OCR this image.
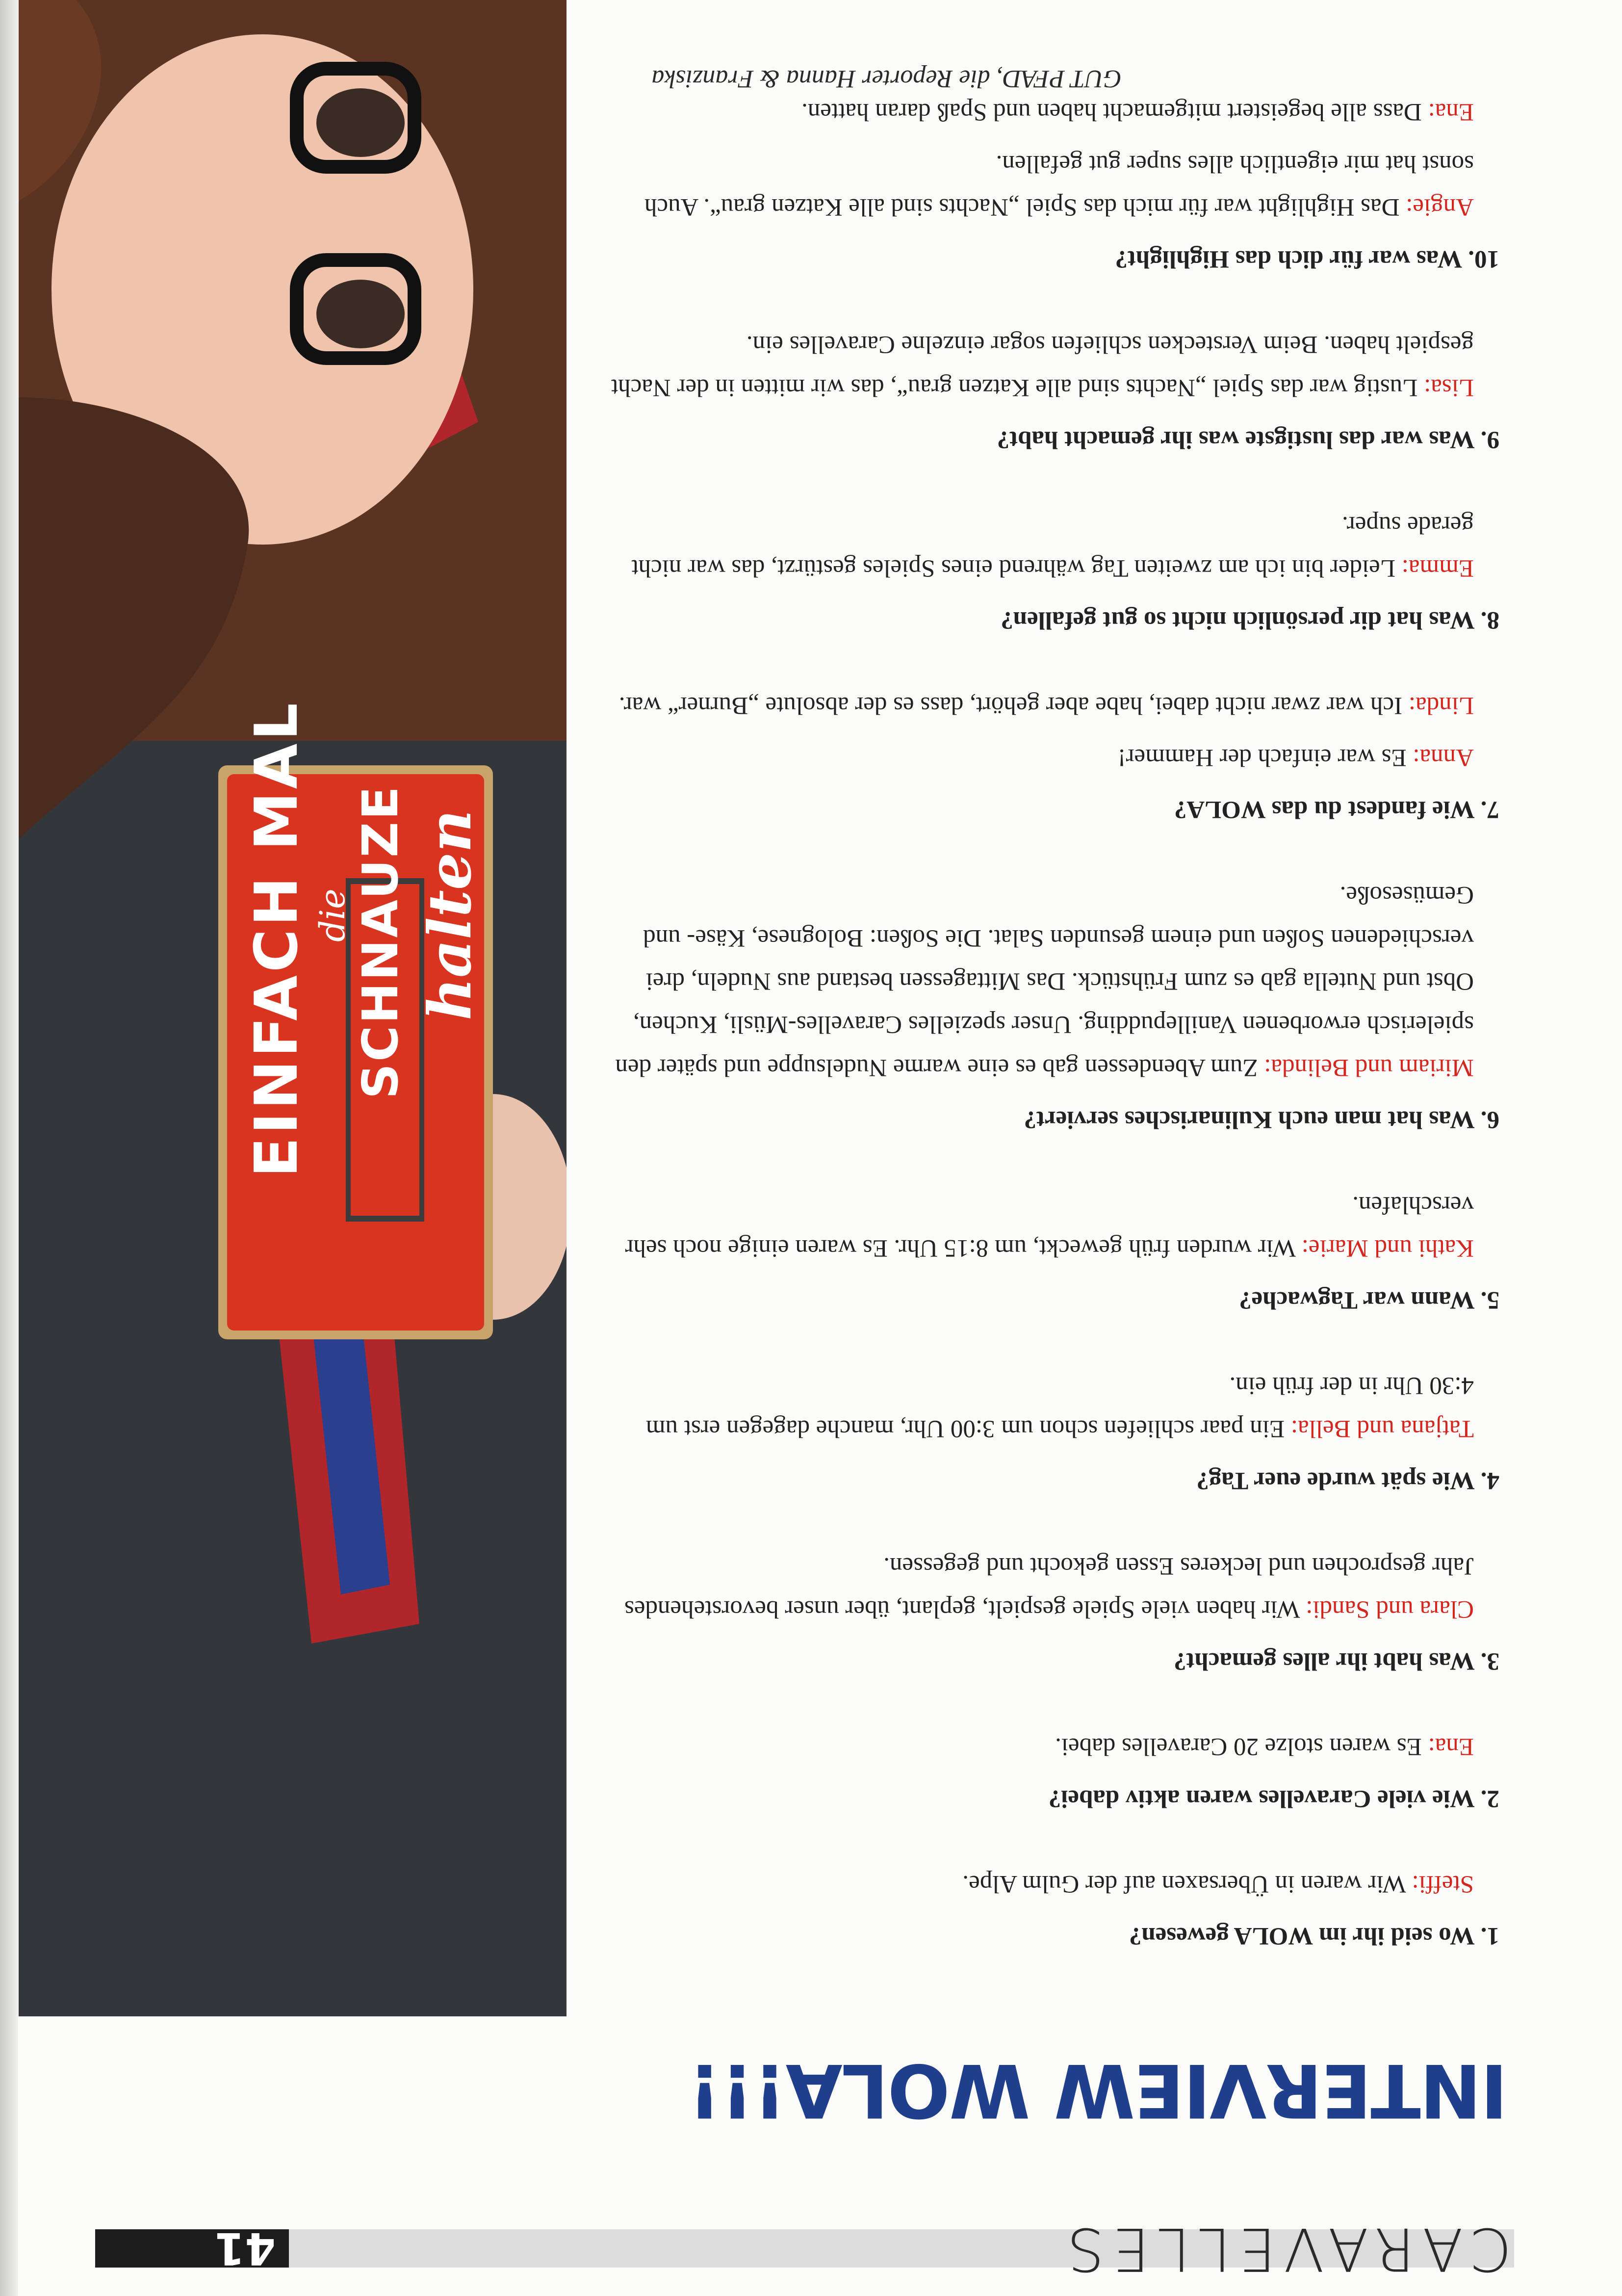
CARAVELLES
41
INTERVIEW WOLA!!!

1. Wo seid ihr im WOLA gewesen?

Steffi: Wir waren in Übersaxen auf der Gulm Alpe.

2. Wie viele Caravelles waren aktiv dabei?

Ena: Es waren stolze 20 Caravelles dabei.

3. Was habt ihr alles gemacht?

Clara und Sandi: Wir haben viele Spiele gespielt, geplant, über unser bevorstehendes Jahr gesprochen und leckeres Essen gekocht und gegessen.

4. Wie spät wurde euer Tag?

Tatjana und Bella: Ein paar schliefen schon um 3:00 Uhr, manche dagegen erst um 4:30 Uhr in der früh ein.

5. Wann war Tagwache?

Kathi und Marie: Wir wurden früh geweckt, um 8:15 Uhr. Es waren einige noch sehr verschlafen.

6. Was hat man euch Kulinarisches serviert?

Miriam und Belinda: Zum Abendessen gab es eine warme Nudelsuppe und später den spielerisch erworbenen Vanillepudding. Unser spezielles Caravelles-Müsli, Kuchen, Obst und Nutella gab es zum Frühstück. Das Mittagessen bestand aus Nudeln, drei verschiedenen Soßen und einem gesunden Salat. Die Soßen: Bolognese, Käse- und Gemüsesoße.

7. Wie fandest du das WOLA?

Anna: Es war einfach der Hammer!

Linda: Ich war zwar nicht dabei, habe aber gehört, dass es der absolute „Burner“ war.

8. Was hat dir persönlich nicht so gut gefallen?

Emma: Leider bin ich am zweiten Tag während eines Spieles gestürzt, das war nicht gerade super.

9. Was war das lustigste was ihr gemacht habt?

Lisa: Lustig war das Spiel „Nachts sind alle Katzen grau“, das wir mitten in der Nacht gespielt haben. Beim Verstecken schliefen sogar einzelne Caravelles ein.

10. Was war für dich das Highlight?

Angie: Das Highlight war für mich das Spiel „Nachts sind alle Katzen grau“. Auch sonst hat mir eigentlich alles super gut gefallen.

Ena: Dass alle begeistert mitgemacht haben und Spaß daran hatten.

GUT PFAD, die Reporter Hanna & Franziska
EINFACH MAL die
SCHNAUZE halten
